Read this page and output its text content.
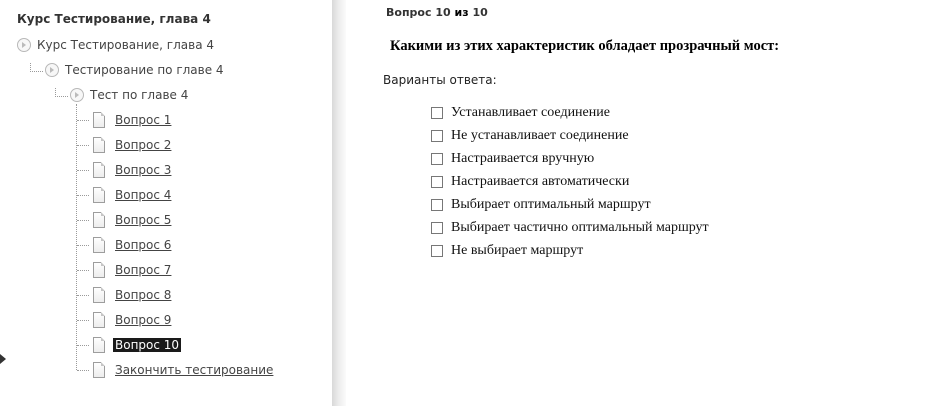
Курс Тестирование, глава 4
Курс Тестирование, глава 4
Тестирование по главе 4
Тест по главе 4
Вопрос 1
Вопрос 2
Вопрос 3
Вопрос 4
Вопрос 5
Вопрос 6
Вопрос 7
Вопрос 8
Вопрос 9
Вопрос 10
Закончить тестирование
Вопрос 10 из 10
Какими из этих характеристик обладает прозрачный мост:
Варианты ответа:
Устанавливает соединение
Не устанавливает соединение
Настраивается вручную
Настраивается автоматически
Выбирает оптимальный маршрут
Выбирает частично оптимальный маршрут
Не выбирает маршрут
